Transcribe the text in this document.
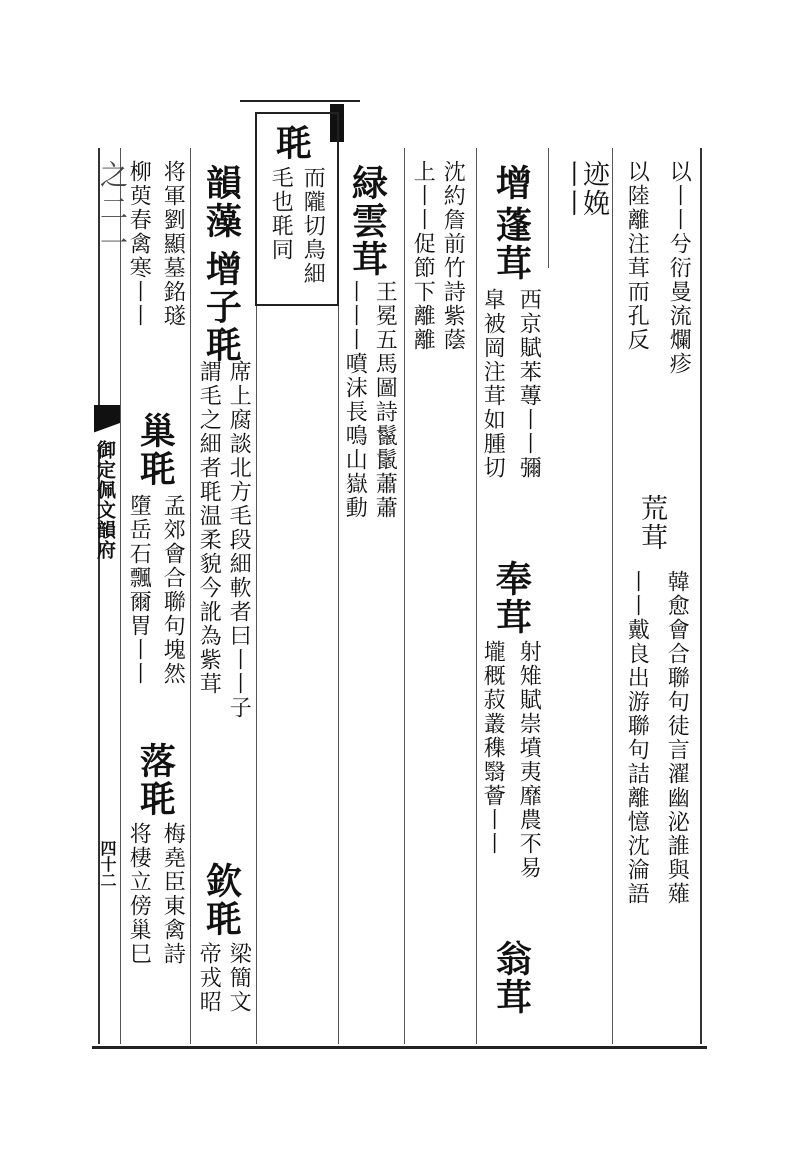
之二一
御定佩文韻府
四十二
以丨丨兮衍曼流爛疹
以陸離注茸而孔反
荒茸
韓愈會合聯句徒言濯幽泌誰與薙
丨丨戴良出游聯句詰離憶沈淪語
迹娩
丨丨
增
蓬茸
西京賦苯蓴丨丨彌
皐被岡注茸如腫切
奉茸
射雉賦崇墳夷靡農不易
壠穊菽叢穕翳薈丨丨
翁茸
沈約詹前竹詩紫蔭
上丨丨促節下離離
緑雲茸
王冕五馬圖詩鬣鬛蕭蕭
丨丨丨噴沫長鳴山嶽動
毦
而隴切鳥細
毛也毦同
韻藻
增子毦
席上腐談北方毛段細軟者曰丨丨子
謂毛之細者毦温柔貌今訛為紫茸
欽毦
梁簡文
帝戎昭
将軍劉顯墓銘璲
柳萸春禽寒丨丨
巢毦
孟郊會合聯句塊然
墮岳石飄爾胃丨丨
落毦
梅堯臣東禽詩
将棲立傍巢巳
